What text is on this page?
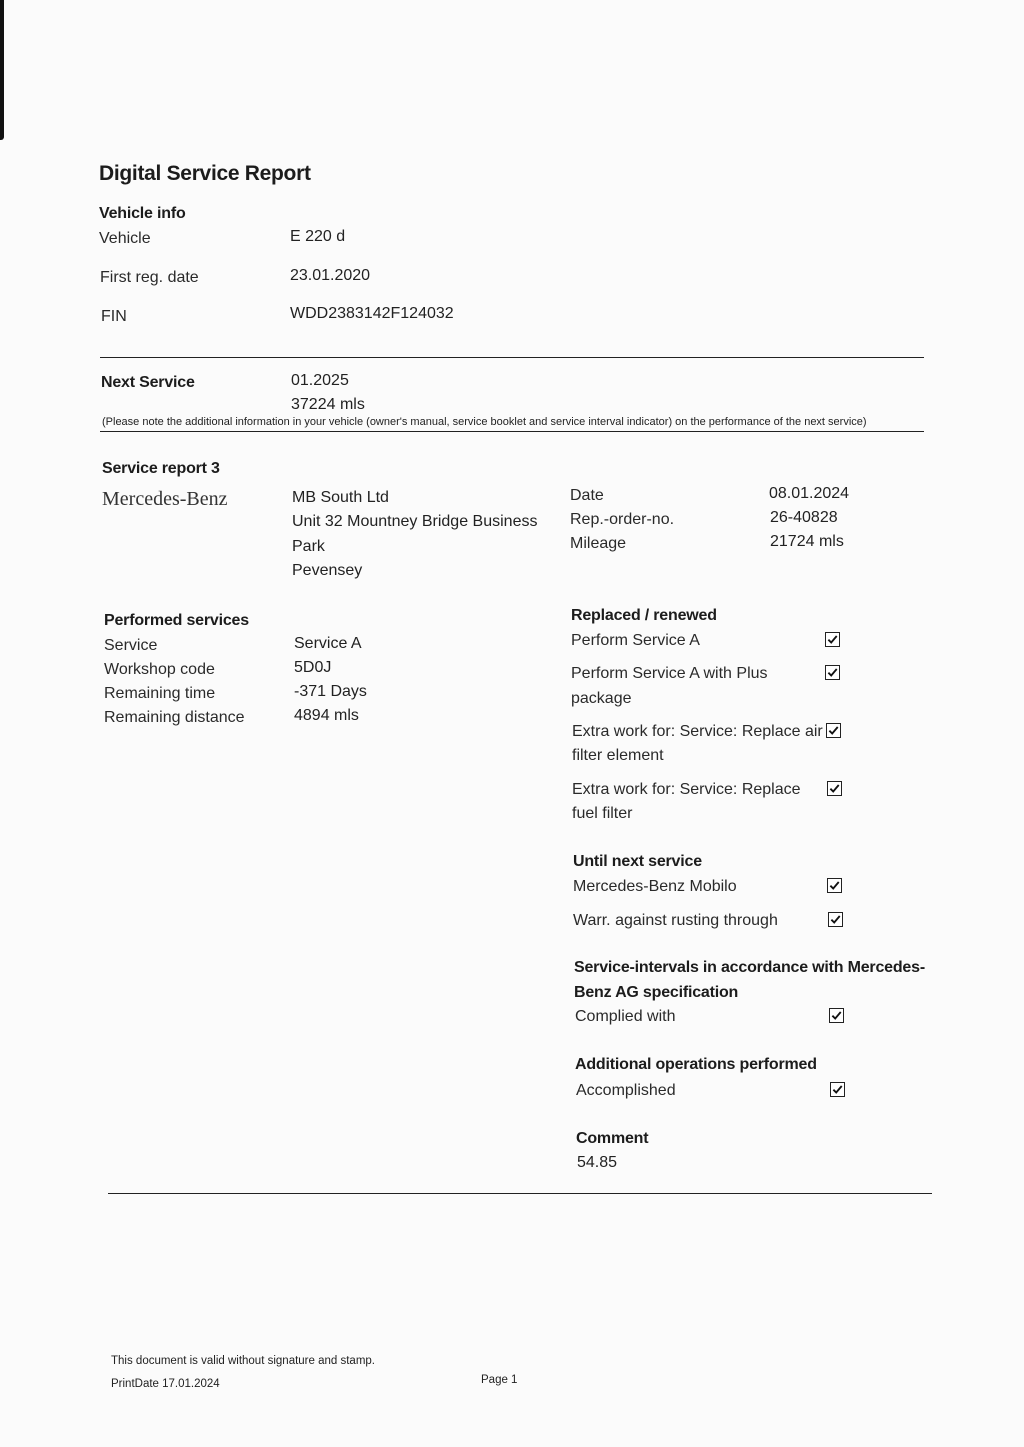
Digital Service Report
Vehicle info
Vehicle	E 220 d
First reg. date	23.01.2020
FIN	WDD2383142F124032
Next Service	01.2025
37224 mls
(Please note the additional information in your vehicle (owner's manual, service booklet and service interval indicator) on the performance of the next service)
Service report 3
Mercedes-Benz	MB South Ltd
Unit 32 Mountney Bridge Business
Park
Pevensey
Date	08.01.2024
Rep.-order-no.	26-40828
Mileage	21724 mls
Performed services
Service	Service A
Workshop code	5D0J
Remaining time	-371 Days
Remaining distance	4894 mls
Replaced / renewed
Perform Service A
Perform Service A with Plus
package
Extra work for: Service: Replace air
filter element
Extra work for: Service: Replace
fuel filter
Until next service
Mercedes-Benz Mobilo
Warr. against rusting through
Service-intervals in accordance with Mercedes-
Benz AG specification
Complied with
Additional operations performed
Accomplished
Comment
54.85
This document is valid without signature and stamp.
PrintDate 17.01.2024	Page 1
